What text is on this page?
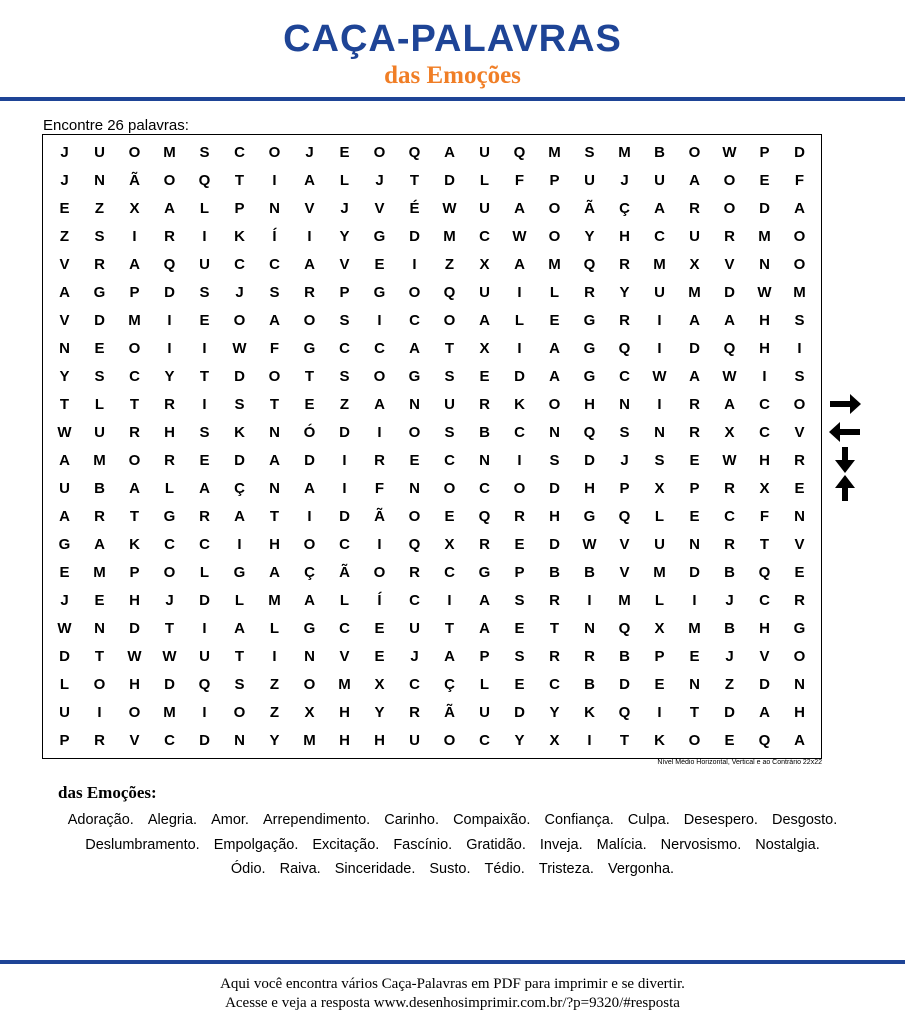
CAÇA-PALAVRAS
das Emoções
Encontre 26 palavras:
J	U	O	M	S	C	O	J	E	O	Q	A	U	Q	M	S	M	B	O	W	P	D
J	N	Ã	O	Q	T	I	A	L	J	T	D	L	F	P	U	J	U	A	O	E	F
E	Z	X	A	L	P	N	V	J	V	É	W	U	A	O	Ã	Ç	A	R	O	D	A
Z	S	I	R	I	K	Í	I	Y	G	D	M	C	W	O	Y	H	C	U	R	M	O
V	R	A	Q	U	C	C	A	V	E	I	Z	X	A	M	Q	R	M	X	V	N	O
A	G	P	D	S	J	S	R	P	G	O	Q	U	I	L	R	Y	U	M	D	W	M
V	D	M	I	E	O	A	O	S	I	C	O	A	L	E	G	R	I	A	A	H	S
N	E	O	I	I	W	F	G	C	C	A	T	X	I	A	G	Q	I	D	Q	H	I
Y	S	C	Y	T	D	O	T	S	O	G	S	E	D	A	G	C	W	A	W	I	S
T	L	T	R	I	S	T	E	Z	A	N	U	R	K	O	H	N	I	R	A	C	O
W	U	R	H	S	K	N	Ó	D	I	O	S	B	C	N	Q	S	N	R	X	C	V
A	M	O	R	E	D	A	D	I	R	E	C	N	I	S	D	J	S	E	W	H	R
U	B	A	L	A	Ç	N	A	I	F	N	O	C	O	D	H	P	X	P	R	X	E
A	R	T	G	R	A	T	I	D	Ã	O	E	Q	R	H	G	Q	L	E	C	F	N
G	A	K	C	C	I	H	O	C	I	Q	X	R	E	D	W	V	U	N	R	T	V
E	M	P	O	L	G	A	Ç	Ã	O	R	C	G	P	B	B	V	M	D	B	Q	E
J	E	H	J	D	L	M	A	L	Í	C	I	A	S	R	I	M	L	I	J	C	R
W	N	D	T	I	A	L	G	C	E	U	T	A	E	T	N	Q	X	M	B	H	G
D	T	W	W	U	T	I	N	V	E	J	A	P	S	R	R	B	P	E	J	V	O
L	O	H	D	Q	S	Z	O	M	X	C	Ç	L	E	C	B	D	E	N	Z	D	N
U	I	O	M	I	O	Z	X	H	Y	R	Ã	U	D	Y	K	Q	I	T	D	A	H
P	R	V	C	D	N	Y	M	H	H	U	O	C	Y	X	I	T	K	O	E	Q	A
Nível Médio Horizontal, Vertical e ao Contrário 22x22
das Emoções:
Adoração. Alegria. Amor. Arrependimento. Carinho. Compaixão. Confiança. Culpa. Desespero. Desgosto. Deslumbramento. Empolgação. Excitação. Fascínio. Gratidão. Inveja. Malícia. Nervosismo. Nostalgia. Ódio. Raiva. Sinceridade. Susto. Tédio. Tristeza. Vergonha.
Aqui você encontra vários Caça-Palavras em PDF para imprimir e se divertir.
Acesse e veja a resposta www.desenhosimprimir.com.br/?p=9320/#resposta
